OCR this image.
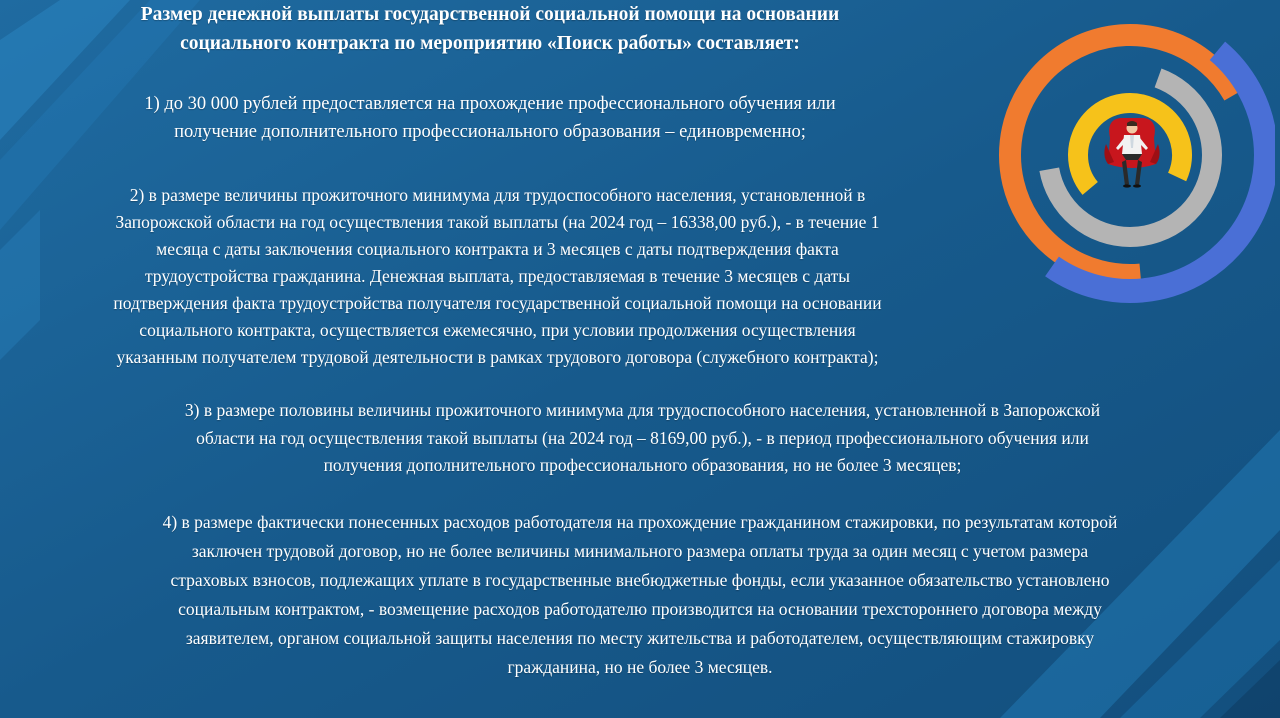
Размер денежной выплаты государственной социальной помощи на основании
социального контракта по мероприятию «Поиск работы» составляет:
1) до 30 000 рублей предоставляется на прохождение профессионального обучения или
получение дополнительного профессионального образования – единовременно;
2) в размере величины прожиточного минимума для трудоспособного населения, установленной в
Запорожской области на год осуществления такой выплаты (на 2024 год – 16338,00 руб.), - в течение 1
месяца с даты заключения социального контракта и 3 месяцев с даты подтверждения факта
трудоустройства гражданина. Денежная выплата, предоставляемая в течение 3 месяцев с даты
подтверждения факта трудоустройства получателя государственной социальной помощи на основании
социального контракта, осуществляется ежемесячно, при условии продолжения осуществления
указанным получателем трудовой деятельности в рамках трудового договора (служебного контракта);
3) в размере половины величины прожиточного минимума для трудоспособного населения, установленной в Запорожской
области на год осуществления такой выплаты (на 2024 год – 8169,00 руб.), - в период профессионального обучения или
получения дополнительного профессионального образования, но не более 3 месяцев;
4) в размере фактически понесенных расходов работодателя на прохождение гражданином стажировки, по результатам которой
заключен трудовой договор, но не более величины минимального размера оплаты труда за один месяц с учетом размера
страховых взносов, подлежащих уплате в государственные внебюджетные фонды, если указанное обязательство установлено
социальным контрактом, - возмещение расходов работодателю производится на основании трехстороннего договора между
заявителем, органом социальной защиты населения по месту жительства и работодателем, осуществляющим стажировку
гражданина, но не более 3 месяцев.
